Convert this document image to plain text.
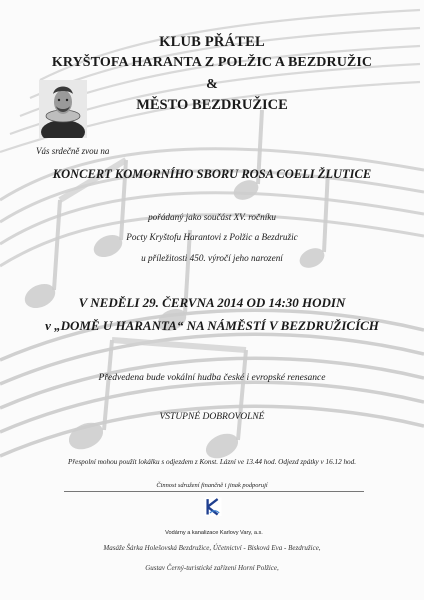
KLUB PŘÁTEL
KRYŠTOFA HARANTA Z POLŽIC A BEZDRUŽIC
&
MĚSTO BEZDRUŽICE
Vás srdečně zvou na
KONCERT KOMORNÍHO SBORU ROSA COELI ŽLUTICE
pořádaný jako součást XV. ročníku
Pocty Kryštofu Harantovi z Polžic a Bezdružic
u příležitosti 450. výročí jeho narození
V NEDĚLI 29. ČERVNA 2014 OD 14:30 HODIN
v „DOMĚ U HARANTA“ NA NÁMĚSTÍ V BEZDRUŽICÍCH
Předvedena bude vokální hudba české i evropské renesance
VSTUPNÉ DOBROVOLNÉ
Přespolní mohou použít lokálku s odjezdem z Konst. Lázní ve 13.44 hod. Odjezd zpátky v 16.12 hod.
Činnost sdružení finančně i jinak podporují
Vodárny a kanalizace Karlovy Vary, a.s.
Masáže Šárka Holešovská Bezdružice, Účetnictví - Bisková Eva - Bezdružice,
Gustav Černý-turistické zařízení Horní Polžice,
